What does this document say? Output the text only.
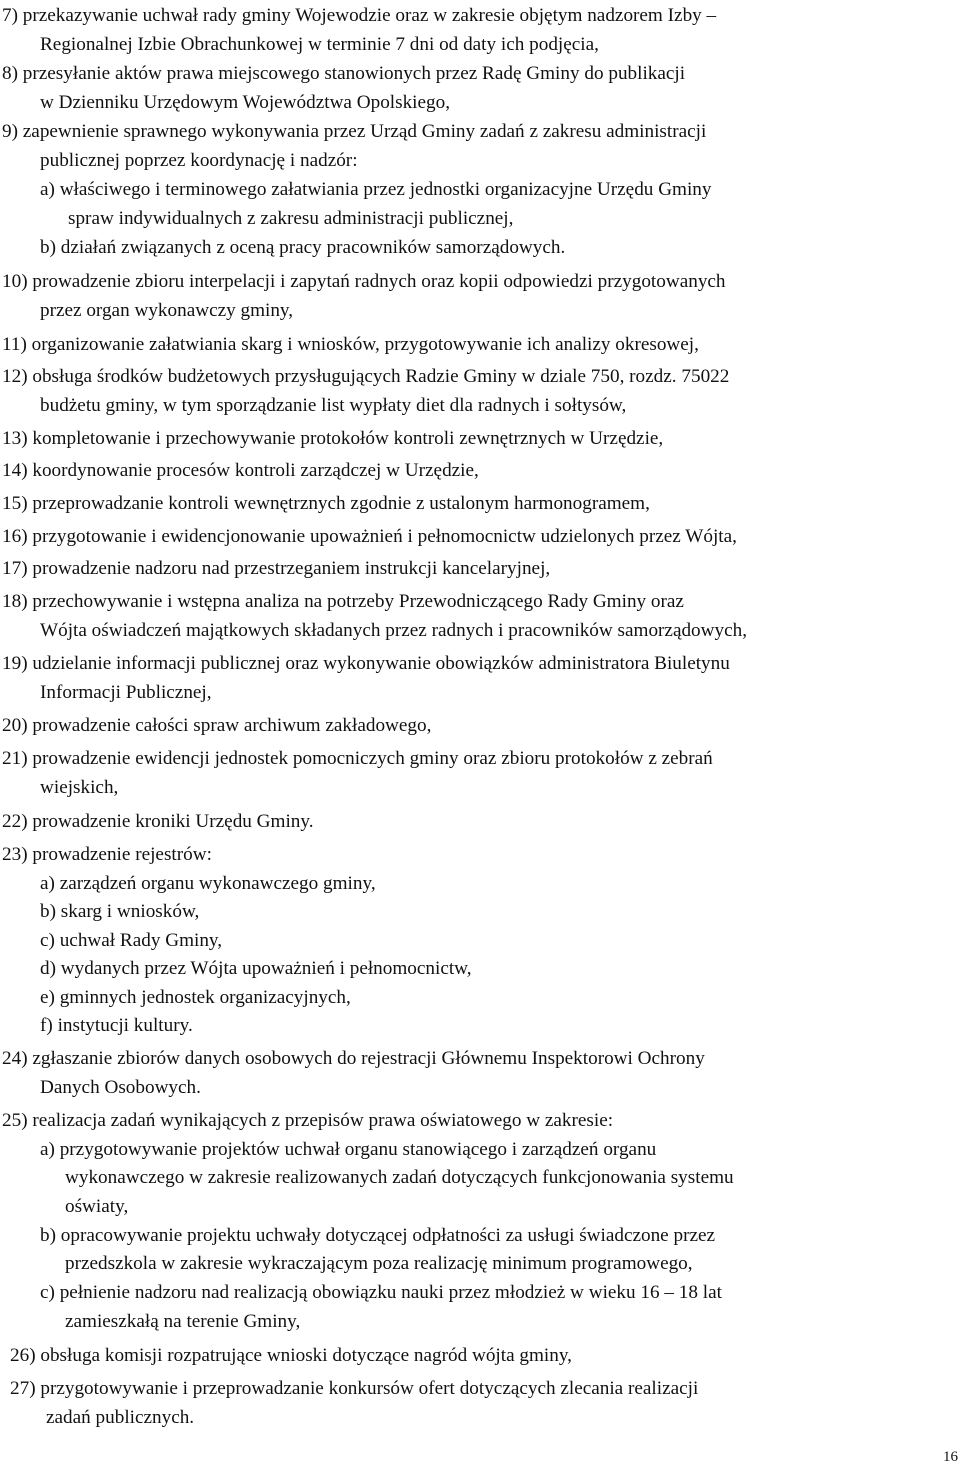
7) przekazywanie uchwał rady gminy Wojewodzie oraz w zakresie objętym nadzorem Izby –
Regionalnej Izbie Obrachunkowej w terminie 7 dni od daty ich podjęcia,
8) przesyłanie aktów prawa miejscowego stanowionych przez Radę Gminy do publikacji
w Dzienniku Urzędowym Województwa Opolskiego,
9) zapewnienie sprawnego wykonywania przez Urząd Gminy zadań z zakresu administracji
publicznej poprzez koordynację i nadzór:
a) właściwego i terminowego załatwiania przez jednostki organizacyjne Urzędu Gminy
spraw indywidualnych z zakresu administracji publicznej,
b) działań związanych z oceną pracy pracowników samorządowych.
10) prowadzenie zbioru interpelacji i zapytań radnych oraz kopii odpowiedzi przygotowanych
przez organ wykonawczy gminy,
11) organizowanie załatwiania skarg i wniosków, przygotowywanie ich analizy okresowej,
12) obsługa środków budżetowych przysługujących Radzie Gminy w dziale 750, rozdz. 75022
budżetu gminy, w tym sporządzanie list wypłaty diet dla radnych i sołtysów,
13) kompletowanie i przechowywanie protokołów kontroli zewnętrznych w Urzędzie,
14) koordynowanie procesów kontroli zarządczej w Urzędzie,
15) przeprowadzanie kontroli wewnętrznych zgodnie z ustalonym harmonogramem,
16) przygotowanie i ewidencjonowanie upoważnień i pełnomocnictw udzielonych przez Wójta,
17) prowadzenie nadzoru nad przestrzeganiem instrukcji kancelaryjnej,
18) przechowywanie i wstępna analiza na potrzeby Przewodniczącego Rady Gminy oraz
Wójta oświadczeń majątkowych składanych przez radnych i pracowników samorządowych,
19) udzielanie informacji publicznej oraz wykonywanie obowiązków administratora Biuletynu
Informacji Publicznej,
20) prowadzenie całości spraw archiwum zakładowego,
21) prowadzenie ewidencji jednostek pomocniczych gminy oraz zbioru protokołów z zebrań
wiejskich,
22) prowadzenie kroniki Urzędu Gminy.
23) prowadzenie rejestrów:
a) zarządzeń organu wykonawczego gminy,
b) skarg i wniosków,
c) uchwał Rady Gminy,
d) wydanych przez Wójta upoważnień i pełnomocnictw,
e) gminnych jednostek organizacyjnych,
f) instytucji kultury.
24) zgłaszanie zbiorów danych osobowych do rejestracji Głównemu Inspektorowi Ochrony
Danych Osobowych.
25) realizacja zadań wynikających z przepisów prawa oświatowego w zakresie:
a) przygotowywanie projektów uchwał organu stanowiącego i zarządzeń organu
wykonawczego w zakresie realizowanych zadań dotyczących funkcjonowania systemu
oświaty,
b) opracowywanie projektu uchwały dotyczącej odpłatności za usługi świadczone przez
przedszkola w zakresie wykraczającym poza realizację minimum programowego,
c) pełnienie nadzoru nad realizacją obowiązku nauki przez młodzież w wieku 16 – 18 lat
zamieszkałą na terenie Gminy,
26) obsługa komisji rozpatrujące wnioski dotyczące nagród wójta gminy,
27) przygotowywanie i przeprowadzanie konkursów ofert dotyczących zlecania realizacji
zadań publicznych.
16
